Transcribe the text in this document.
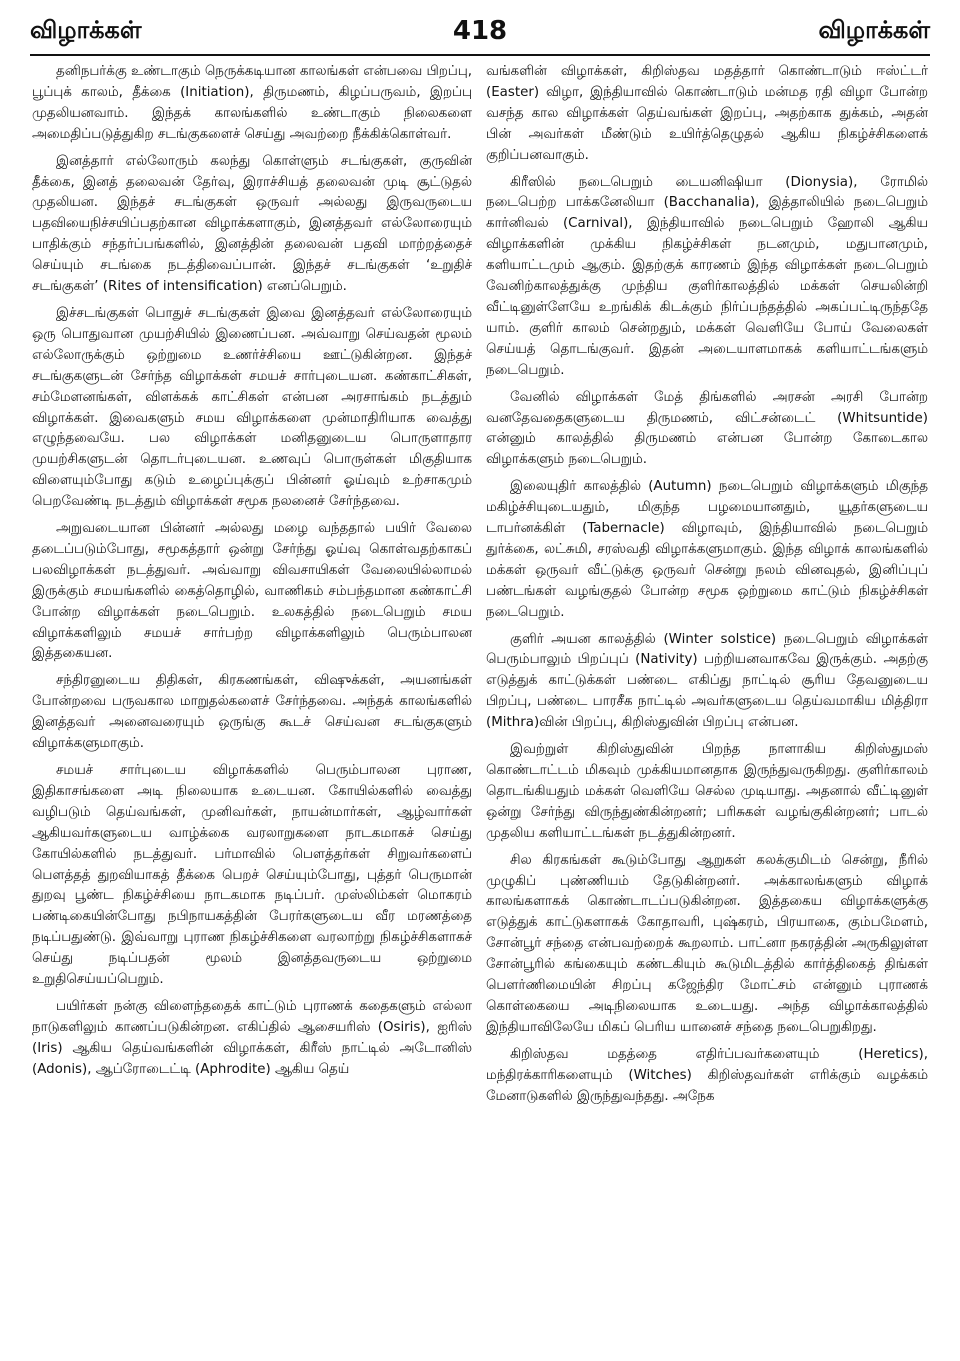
விழாக்கள்	418	விழாக்கள்

தனிநபர்க்கு உண்டாகும் நெருக்கடியான காலங்கள் என்பவை பிறப்பு, பூப்புக் காலம், தீக்கை (Initiation), திருமணம், கிழப்பருவம், இறப்பு முதலியனவாம். இந்தக் காலங்களில் உண்டாகும் நிலைகளை அமைதிப்படுத்துகிற சடங்குகளைச் செய்து அவற்றை நீக்கிக்கொள்வர்.

இனத்தார் எல்லோரும் கலந்து கொள்ளும் சடங்குகள், குருவின் தீக்கை, இனத் தலைவன் தேர்வு, இராச்சியத் தலைவன் முடி சூட்டுதல் முதலியன. இந்தச் சடங்குகள் ஒருவர் அல்லது இருவருடைய பதவியைநிச்சயிப்பதற்கான விழாக்களாகும், இனத்தவர் எல்லோரையும் பாதிக்கும் சந்தர்ப்பங்களில், இனத்தின் தலைவன் பதவி மாற்றத்தைச் செய்யும் சடங்கை நடத்திவைப்பான். இந்தச் சடங்குகள் ‘உறுதிச் சடங்குகள்’ (Rites of intensification) எனப்பெறும்.

இச்சடங்குகள் பொதுச் சடங்குகள் இவை இனத்தவர் எல்லோரையும் ஒரு பொதுவான முயற்சியில் இணைப்பன. அவ்வாறு செய்வதன் மூலம் எல்லோருக்கும் ஒற்றுமை உணர்ச்சியை ஊட்டுகின்றன. இந்தச் சடங்குகளுடன் சேர்ந்த விழாக்கள் சமயச் சார்புடையன. கண்காட்சிகள், சம்மேளனங்கள், விளக்கக் காட்சிகள் என்பன அரசாங்கம் நடத்தும் விழாக்கள். இவைகளும் சமய விழாக்களை முன்மாதிரியாக வைத்து எழுந்தவையே. பல விழாக்கள் மனிதனுடைய பொருளாதார முயற்சிகளுடன் தொடர்புடையன. உணவுப் பொருள்கள் மிகுதியாக விளையும்போது கடும் உழைப்புக்குப் பின்னர் ஓய்வும் உற்சாகமும் பெறவேண்டி நடத்தும் விழாக்கள் சமூக நலனைச் சேர்ந்தவை.

அறுவடையான பின்னர் அல்லது மழை வந்ததால் பயிர் வேலை தடைப்படும்போது, சமூகத்தார் ஒன்று சேர்ந்து ஓய்வு கொள்வதற்காகப் பலவிழாக்கள் நடத்துவர். அவ்வாறு விவசாயிகள் வேலையில்லாமல் இருக்கும் சமயங்களில் கைத்தொழில், வாணிகம் சம்பந்தமான கண்காட்சி போன்ற விழாக்கள் நடைபெறும். உலகத்தில் நடைபெறும் சமய விழாக்களிலும் சமயச் சார்பற்ற விழாக்களிலும் பெரும்பாலன இத்தகையன.

சந்திரனுடைய திதிகள், கிரகணங்கள், விஷுக்கள், அயனங்கள் போன்றவை பருவகால மாறுதல்களைச் சேர்ந்தவை. அந்தக் காலங்களில் இனத்தவர் அனைவரையும் ஒருங்கு கூடச் செய்வன சடங்குகளும் விழாக்களுமாகும்.

சமயச் சார்புடைய விழாக்களில் பெரும்பாலன புராண, இதிகாசங்களை அடி நிலையாக உடையன. கோயில்களில் வைத்து வழிபடும் தெய்வங்கள், முனிவர்கள், நாயன்மார்கள், ஆழ்வார்கள் ஆகியவர்களுடைய வாழ்க்கை வரலாறுகளை நாடகமாகச் செய்து கோயில்களில் நடத்துவர். பர்மாவில் பௌத்தர்கள் சிறுவர்களைப் பௌத்தத் துறவியாகத் தீக்கை பெறச் செய்யும்போது, புத்தர் பெருமான் துறவு பூண்ட நிகழ்ச்சியை நாடகமாக நடிப்பர். முஸ்லிம்கள் மொகரம் பண்டிகையின்போது நபிநாயகத்தின் பேரர்களுடைய வீர மரணத்தை நடிப்பதுண்டு. இவ்வாறு புராண நிகழ்ச்சிகளை வரலாற்று நிகழ்ச்சிகளாகச் செய்து நடிப்பதன் மூலம் இனத்தவருடைய ஒற்றுமை உறுதிசெய்யப்பெறும்.

பயிர்கள் நன்கு விளைந்ததைக் காட்டும் புராணக் கதைகளும் எல்லா நாடுகளிலும் காணப்படுகின்றன. எகிப்தில் ஆசையரிஸ் (Osiris), ஐரிஸ் (Iris) ஆகிய தெய்வங்களின் விழாக்கள், கிரீஸ் நாட்டில் அடோனிஸ் (Adonis), ஆப்ரோடைட்டி (Aphrodite) ஆகிய தெய்

வங்களின் விழாக்கள், கிறிஸ்தவ மதத்தார் கொண்டாடும் ஈஸ்ட்டர் (Easter) விழா, இந்தியாவில் கொண்டாடும் மன்மத ரதி விழா போன்ற வசந்த கால விழாக்கள் தெய்வங்கள் இறப்பு, அதற்காக துக்கம், அதன் பின் அவர்கள் மீண்டும் உயிர்த்தெழுதல் ஆகிய நிகழ்ச்சிகளைக் குறிப்பனவாகும்.

கிரீஸில் நடைபெறும் டையனிஷியா (Dionysia), ரோமில் நடைபெற்ற பாக்கனேலியா (Bacchanalia), இத்தாலியில் நடைபெறும் கார்னிவல் (Carnival), இந்தியாவில் நடைபெறும் ஹோலி ஆகிய விழாக்களின் முக்கிய நிகழ்ச்சிகள் நடனமும், மதுபானமும், களியாட்டமும் ஆகும். இதற்குக் காரணம் இந்த விழாக்கள் நடைபெறும் வேனிற்காலத்துக்கு முந்திய குளிர்காலத்தில் மக்கள் செயலின்றி வீட்டினுள்ளேயே உறங்கிக் கிடக்கும் நிர்ப்பந்தத்தில் அகப்பட்டிருந்ததே யாம். குளிர் காலம் சென்றதும், மக்கள் வெளியே போய் வேலைகள் செய்யத் தொடங்குவர். இதன் அடையாளமாகக் களியாட்டங்களும் நடைபெறும்.

வேனில் விழாக்கள் மேத் திங்களில் அரசன் அரசி போன்ற வனதேவதைகளுடைய திருமணம், விட்சன்டைட் (Whitsuntide) என்னும் காலத்தில் திருமணம் என்பன போன்ற கோடைகால விழாக்களும் நடைபெறும்.

இலையுதிர் காலத்தில் (Autumn) நடைபெறும் விழாக்களும் மிகுந்த மகிழ்ச்சியுடையதும், மிகுந்த பழமையானதும், யூதர்களுடைய டாபர்னக்கிள் (Tabernacle) விழாவும், இந்தியாவில் நடைபெறும் துர்க்கை, லட்சுமி, சரஸ்வதி விழாக்களுமாகும். இந்த விழாக் காலங்களில் மக்கள் ஒருவர் வீட்டுக்கு ஒருவர் சென்று நலம் வினவுதல், இனிப்புப் பண்டங்கள் வழங்குதல் போன்ற சமூக ஒற்றுமை காட்டும் நிகழ்ச்சிகள் நடைபெறும்.

குளிர் அயன காலத்தில் (Winter solstice) நடைபெறும் விழாக்கள் பெரும்பாலும் பிறப்புப் (Nativity) பற்றியனவாகவே இருக்கும். அதற்கு எடுத்துக் காட்டுக்கள் பண்டை எகிப்து நாட்டில் சூரிய தேவனுடைய பிறப்பு, பண்டை பாரசீக நாட்டில் அவர்களுடைய தெய்வமாகிய மித்திரா (Mithra)வின் பிறப்பு, கிறிஸ்துவின் பிறப்பு என்பன.

இவற்றுள் கிறிஸ்துவின் பிறந்த நாளாகிய கிறிஸ்துமஸ் கொண்டாட்டம் மிகவும் முக்கியமானதாக இருந்துவருகிறது. குளிர்காலம் தொடங்கியதும் மக்கள் வெளியே செல்ல முடியாது. அதனால் வீட்டினுள் ஒன்று சேர்ந்து விருந்துண்கின்றனர்; பரிசுகள் வழங்குகின்றனர்; பாடல் முதலிய களியாட்டங்கள் நடத்துகின்றனர்.

சில கிரகங்கள் கூடும்போது ஆறுகள் கலக்குமிடம் சென்று, நீரில் முழுகிப் புண்ணியம் தேடுகின்றனர். அக்காலங்களும் விழாக் காலங்களாகக் கொண்டாடப்படுகின்றன. இத்தகைய விழாக்களுக்கு எடுத்துக் காட்டுகளாகக் கோதாவரி, புஷ்கரம், பிரயாகை, கும்பமேளம், சோன்பூர் சந்தை என்பவற்றைக் கூறலாம். பாட்னா நகரத்தின் அருகிலுள்ள சோன்பூரில் கங்கையும் கண்டகியும் கூடுமிடத்தில் கார்த்திகைத் திங்கள் பௌர்ணிமையின் சிறப்பு கஜேந்திர மோட்சம் என்னும் புராணக் கொள்கையை அடிநிலையாக உடையது. அந்த விழாக்காலத்தில் இந்தியாவிலேயே மிகப் பெரிய யானைச் சந்தை நடைபெறுகிறது.

கிறிஸ்தவ மதத்தை எதிர்ப்பவர்களையும் (Heretics), மந்திரக்காரிகளையும் (Witches) கிறிஸ்தவர்கள் எரிக்கும் வழக்கம் மேனாடுகளில் இருந்துவந்தது. அநேக
